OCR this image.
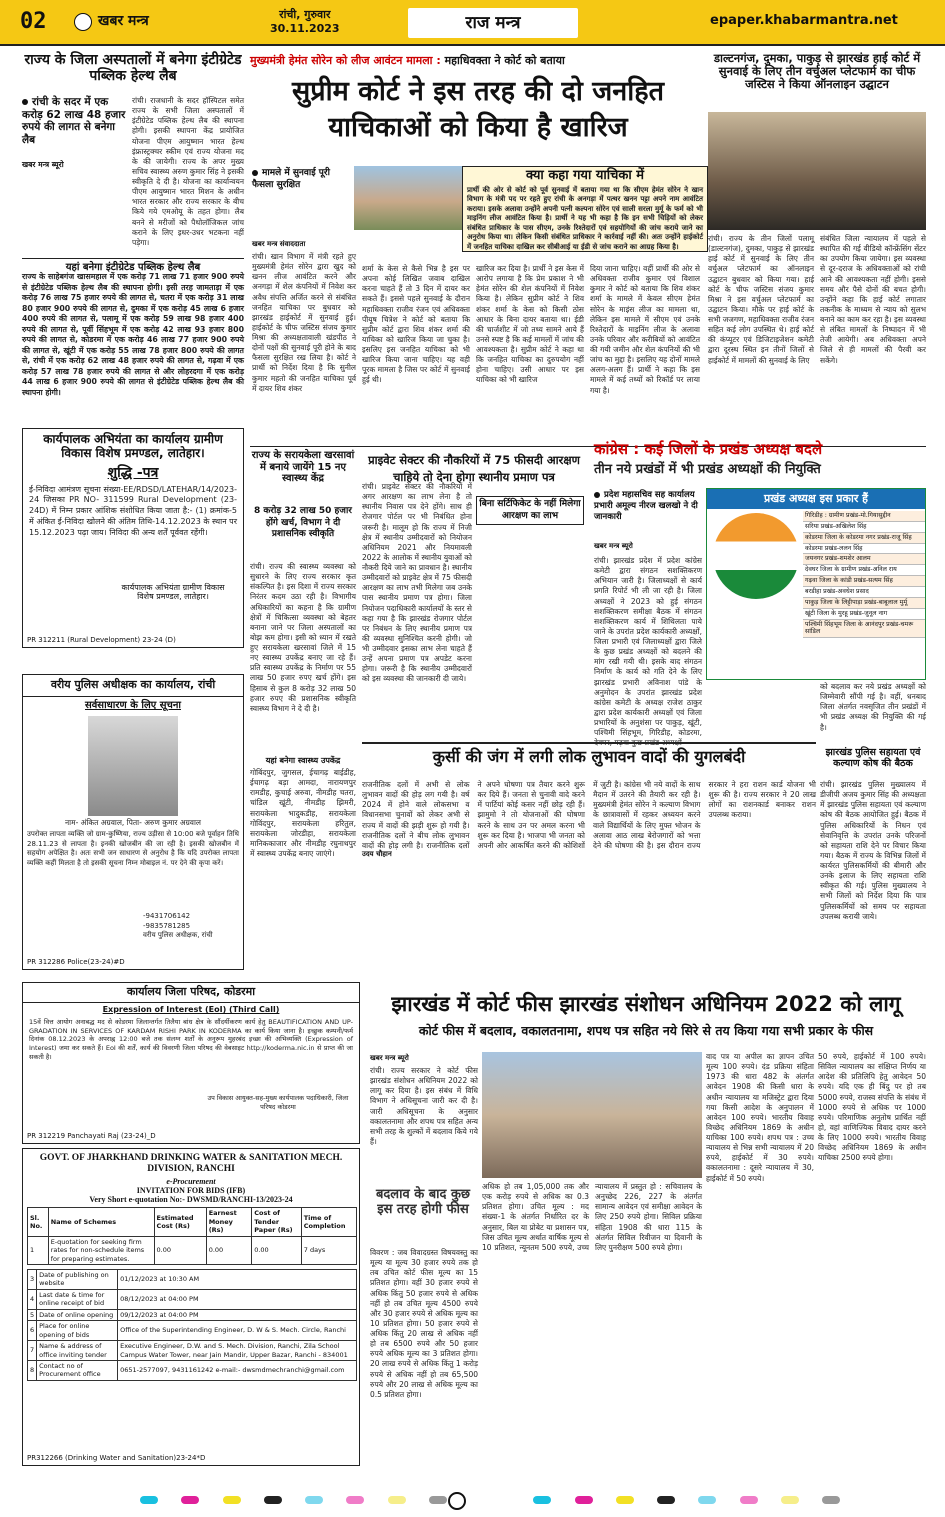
02	खबर मन्त्र	रांची, गुरुवार
30.11.2023	राज मन्त्र	epaper.khabarmantra.net
राज्य के जिला अस्पतालों में बनेगा इंटीग्रेटेड पब्लिक हेल्थ लैब
रांची के सदर में एक करोड़ 62 लाख 48 हजार रुपये की लागत से बनेगा लैब
खबर मन्त्र ब्यूरो
रांची। राजधानी के सदर हॉस्पिटल समेत राज्य के सभी जिला अस्पतालों में इंटीग्रेटेड पब्लिक हेल्थ लैब की स्थापना होगी। इसकी स्थापना केंद्र प्रायोजित योजना पीएम आयुष्मान भारत हेल्थ इंफ्रास्ट्रक्चर स्कीम एवं राज्य योजना मद के की जायेगी। राज्य के अपर मुख्य सचिव स्वास्थ्य अरुण कुमार सिंह ने इसकी स्वीकृति दे दी है। योजना का कार्यान्वयन पीएम आयुष्मान भारत मिशन के अधीन भारत सरकार और राज्य सरकार के बीच किये गये एमओयू के तहत होगा। लैब बनने से मरीजों को पैथोलॉजिकल जांच कराने के लिए इधर-उधर भटकना नहीं पड़ेगा।
यहां बनेगा इंटीग्रेटेड पब्लिक हेल्थ लैब
राज्य के साहेबगंज खासमहाल में एक करोड़ 71 लाख 71 हजार 900 रुपये से इंटीग्रेटेड पब्लिक हेल्थ लैब की स्थापना होगी। इसी तरह जामताड़ा में एक करोड़ 76 लाख 75 हजार रुपये की लागत से, चतरा में एक करोड़ 31 लाख 80 हजार 900 रुपये की लागत से, दुमका में एक करोड़ 45 लाख 6 हजार 400 रुपये की लागत से, पलामू में एक करोड़ 59 लाख 98 हजार 400 रुपये की लागत से, पूर्वी सिंहभूम में एक करोड़ 42 लाख 93 हजार 800 रुपये की लागत से, कोडरमा में एक करोड़ 46 लाख 77 हजार 900 रुपये की लागत से, खूंटी में एक करोड़ 55 लाख 78 हजार 800 रुपये की लागत से, रांची में एक करोड़ 62 लाख 48 हजार रुपये की लागत से, गढ़वा में एक करोड़ 57 लाख 78 हजार रुपये की लागत से और लोहरदगा में एक करोड़ 44 लाख 6 हजार 900 रुपये की लागत से इंटीग्रेटेड पब्लिक हेल्थ लैब की स्थापना होगी।
कार्यपालक अभियंता का कार्यालय ग्रामीण विकास विशेष प्रमण्डल, लातेहार।
शुद्धि -पत्र
ई-निविदा आमंत्रण सूचना संख्या-EE/RDSD/LATEHAR/14/2023-24 जिसका PR NO- 311599 Rural Development (23-24D) में निम्न प्रकार आंशिक संशोधित किया जाता है:- (1) क्रमांक-5 में अंकित ई-निविदा खोलने की अंतिम तिथि-14.12.2023 के स्थान पर 15.12.2023 पढ़ा जाय। निविदा की अन्य शर्तें पूर्ववत रहेंगी।
कार्यपालक अभियंता ग्रामीण विकास विशेष प्रमण्डल, लातेहार।
PR 312211 (Rural Development) 23-24 (D)
वरीय पुलिस अधीक्षक का कार्यालय, रांची
सर्वसाधारण के लिए सूचना
नाम- अंकित अग्रवाल, पिता- अरुण कुमार अग्रवाल
उपरोक्त लापता व्यक्ति जो ग्राम-कुष्णिया, राज्य उड़ीसा से 10:00 बजे पूर्वाहन तिथि 28.11.23 से लापता है। इनकी खोजबीन की जा रही है। इसकी खोजबीन में सहयोग अपेक्षित है। अतः सभी जन साधारण से अनुरोध है कि यदि उपरोक्त लापता व्यक्ति कहीं मिलता है तो इसकी सूचना निम्न मोबाइल नं. पर देने की कृपा करें।
-9431706142  -9835781285
वरीय पुलिस अधीक्षक, रांची
PR 312286 Police(23-24)#D
मुख्यमंत्री हेमंत सोरेन को लीज आवंटन मामला : महाधिवक्ता ने कोर्ट को बताया
सुप्रीम कोर्ट ने इस तरह की दो जनहित याचिकाओं को किया है खारिज
मामले में सुनवाई पूरी फैसला सुरक्षित
खबर मन्त्र संवाददाता
रांची। खान विभाग में मंत्री रहते हुए मुख्यमंत्री हेमंत सोरेन द्वारा खुद को खनन लीज आवंटित करने और अनगड़ा में शेल कंपनियों में निवेश कर अवैध संपत्ति अर्जित करने से संबंधित जनहित याचिका पर बुधवार को झारखंड हाईकोर्ट में सुनवाई हुई। हाईकोर्ट के चीफ जस्टिस संजय कुमार मिश्रा की अध्यक्षतावाली खंडपीठ ने दोनों पक्षों की सुनवाई पूरी होने के बाद फैसला सुरक्षित रख लिया है। कोर्ट ने प्रार्थी को निर्देश दिया है कि सुनील कुमार महतो की जनहित याचिका पूर्व में दायर शिव शंकर
क्या कहा गया याचिका में
प्रार्थी की ओर से कोर्ट को पूर्व सुनवाई में बताया गया था कि सीएम हेमंत सोरेन ने खान विभाग के मंत्री पद पर रहते हुए रांची के अनगड़ा में पत्थर खनन पट्टा अपने नाम आवंटित कराया। इसके अलावा उन्होंने अपनी पत्नी कल्पना सोरेन एवं साली सरला मुर्मू के फर्म को भी माइनिंग लीज आवंटित किया है। प्रार्थी ने यह भी कहा है कि इन सभी चिड़ियों को लेकर संबंधित प्राधिकार के पास सीएम, उनके रिश्तेदारों एवं सहयोगियों की जांच कराये जाने का अनुरोध किया था। लेकिन किसी संबंधित प्राधिकार ने कार्रवाई नहीं की। अतः उन्होंने हाईकोर्ट में जनहित याचिका दाखिल कर सीबीआई या ईडी से जांच कराने का आग्रह किया है।
शर्मा के केस से कैसे भिन्न है इस पर अपना कोई लिखित जवाब दाखिल करना चाहते हैं तो 3 दिन में दायर कर सकते हैं। इससे पहले सुनवाई के दौरान महाधिवक्ता राजीव रंजन एवं अधिवक्ता पीयूष चित्रेश ने कोर्ट को बताया कि सुप्रीम कोर्ट द्वारा शिव शंकर शर्मा की याचिका को खारिज किया जा चुका है। इसलिए इस जनहित याचिका को भी खारिज किया जाना चाहिए। यह वही पूरक मामला है जिस पर कोर्ट में सुनवाई हुई थी।
खारिज कर दिया है। प्रार्थी ने इस केस में आरोप लगाया है कि प्रेम प्रकाश ने भी हेमंत सोरेन की शेल कंपनियों में निवेश किया है। लेकिन सुप्रीम कोर्ट ने शिव शंकर शर्मा के केस को किसी ठोस आधार के बिना दायर बताया था। ईडी की चार्जशीट में जो तथ्य सामने आये हैं उनसे स्पष्ट है कि कई मामलों में जांच की आवश्यकता है। सुप्रीम कोर्ट ने कहा था कि जनहित याचिका का दुरुपयोग नहीं होना चाहिए। उसी आधार पर इस याचिका को भी खारिज
दिया जाना चाहिए। वहीं प्रार्थी की ओर से अधिवक्ता राजीव कुमार एवं विशाल कुमार ने कोर्ट को बताया कि शिव शंकर शर्मा के मामले में केवल सीएम हेमंत सोरेन के माइंस लीज का मामला था, लेकिन इस मामले में सीएम एवं उनके रिश्तेदारों के माइनिंग लीज के अलावा उनके परिवार और करीबियों को आवंटित की गयी जमीन और शेल कंपनियों की भी जांच का मुद्दा है। इसलिए यह दोनों मामले अलग-अलग हैं। प्रार्थी ने कहा कि इस मामले में कई तथ्यों को रिकॉर्ड पर लाया गया है।
डाल्टनगंज, दुमका, पाकुड़ से झारखंड हाई कोर्ट में सुनवाई के लिए तीन वर्चुअल प्लेटफार्म का चीफ जस्टिस ने किया ऑनलाइन उद्घाटन
रांची। राज्य के तीन जिलों पलामू (डाल्टनगंज), दुमका, पाकुड़ से झारखंड हाई कोर्ट में सुनवाई के लिए तीन वर्चुअल प्लेटफार्म का ऑनलाइन उद्घाटन बुधवार को किया गया। हाई कोर्ट के चीफ जस्टिस संजय कुमार मिश्रा ने इस वर्चुअल प्लेटफार्म का उद्घाटन किया। मौके पर हाई कोर्ट के सभी जजगण, महाधिवक्ता राजीव रंजन सहित कई लोग उपस्थित थे। हाई कोर्ट की कंप्यूटर एवं डिजिटाइजेशन कमेटी द्वारा दूरस्थ स्थित इन तीनों जिलों से हाईकोर्ट में मामलों की सुनवाई के लिए
संबंधित जिला न्यायालय में पहले से स्थापित की गई वीडियो कॉन्फ्रेंसिंग सेंटर का उपयोग किया जायेगा। इस व्यवस्था से दूर-दराज के अधिवक्ताओं को रांची आने की आवश्यकता नहीं होगी। इससे समय और पैसे दोनों की बचत होगी। उन्होंने कहा कि हाई कोर्ट लगातार तकनीक के माध्यम से न्याय को सुलभ बनाने का काम कर रहा है। इस व्यवस्था से लंबित मामलों के निष्पादन में भी तेजी आयेगी। अब अधिवक्ता अपने जिले से ही मामलों की पैरवी कर सकेंगे।
राज्य के सरायकेला खरसावां में बनाये जायेंगे 15 नए स्वास्थ्य केंद्र
8 करोड़ 32 लाख 50 हजार होंगे खर्च, विभाग ने दी प्रशासनिक स्वीकृति
रांची। राज्य की स्वास्थ्य व्यवस्था को सुधारने के लिए राज्य सरकार कृत संकल्पित है। इस दिशा में राज्य सरकार निरंतर कदम उठा रही है। विभागीय अधिकारियों का कहना है कि ग्रामीण क्षेत्रों में चिकित्सा व्यवस्था को बेहतर बनाना जाने पर जिला अस्पतालों का बोझ कम होगा। इसी को ध्यान में रखते हुए सरायकेला खरसावां जिले में 15 नए स्वास्थ्य उपकेंद्र बनाए जा रहे हैं। प्रति स्वास्थ्य उपकेंद्र के निर्माण पर 55 लाख 50 हजार रुपए खर्च होंगे। इस हिसाब से कुल 8 करोड़ 32 लाख 50 हजार रुपए की प्रशासनिक स्वीकृति स्वास्थ्य विभाग ने दे दी है।
यहां बनेगा स्वास्थ्य उपकेंद्र
गोबिंदपुर, जुगसल, ईचागढ़ बाईडीह, ईचागढ़ बड़ा आमदा, नारायणपुर रामडीह, कुचाई अरुवा, नीमडीह चतरा, चांडिल खूंटी, नीमडीह झिमरी, सरायकेला भादुकडीह, सरायकेला गोविंदपुर, सरायकेला हरितुल, सरायकेला जोरडीहा, सरायकेला मानिककाजार और नीमडीह रघुनाथपुर में स्वास्थ्य उपकेंद्र बनाए जाएंगे।
प्राइवेट सेक्टर की नौकरियों में 75 फीसदी आरक्षण चाहिये तो देना होगा स्थानीय प्रमाण पत्र
बिना सर्टिफिकेट के नहीं मिलेगा आरक्षण का लाभ
रांची। प्राइवेट सेक्टर की नौकरियों में अगर आरक्षण का लाभ लेना है तो स्थानीय निवास पत्र देने होंगे। साथ ही रोजगार पोर्टल पर भी निबंधित होना जरूरी है। मालूम हो कि राज्य में निजी क्षेत्र में स्थानीय उम्मीदवारों को नियोजन अधिनियम 2021 और नियमावली 2022 के आलोक में स्थानीय युवाओं को नौकरी दिये जाने का प्रावधान है। स्थानीय उम्मीदवारों को प्राइवेट क्षेत्र में 75 फीसदी आरक्षण का लाभ तभी मिलेगा जब उनके पास स्थानीय प्रमाण पत्र होगा। जिला नियोजन पदाधिकारी कार्यालयों के स्तर से कहा गया है कि झारखंड रोजगार पोर्टल पर निबंधन के लिए स्थानीय प्रमाण पत्र की व्यवस्था सुनिश्चित करनी होगी। जो भी उम्मीदवार इसका लाभ लेना चाहते हैं उन्हें अपना प्रमाण पत्र अपडेट करना होगा। जरूरी है कि स्थानीय उम्मीदवारों को इस व्यवस्था की जानकारी दी जाये।
कांग्रेस : कई जिलों के प्रखंड अध्यक्ष बदले
तीन नये प्रखंडों में भी प्रखंड अध्यक्षों की नियुक्ति
प्रदेश महासचिव सह कार्यालय प्रभारी अमूल्य नीरज खलखो ने दी जानकारी
खबर मन्त्र ब्यूरो
रांची। झारखंड प्रदेश में प्रदेश कांग्रेस कमेटी द्वारा संगठन सशक्तिकरण अभियान जारी है। जिलाध्यक्षों से कार्य प्रगति रिपोर्ट भी ली जा रही है। जिला अध्यक्षों ने 2023 को हुई संगठन सशक्तिकरण समीक्षा बैठक में संगठन सशक्तिकरण कार्य में शिथिलता पाये जाने के उपरांत प्रदेश कार्यकारी अध्यक्षों, जिला प्रभारी एवं जिलाध्यक्षों द्वारा जिले के कुछ प्रखंड अध्यक्षों को बदलने की मांग रखी गयी थी। इसके बाद संगठन निर्माण के कार्य को गति देने के लिए झारखंड प्रभारी अविनाश पांडे के अनुमोदन के उपरांत झारखंड प्रदेश कांग्रेस कमेटी के अध्यक्ष राजेश ठाकुर द्वारा प्रदेश कार्यकारी अध्यक्षों एवं जिला प्रभारियों के अनुशंसा पर पाकुड़, खूंटी, पश्चिमी सिंहभूम, गिरिडीह, कोडरमा, देवघर, गढ़वा कुछ प्रखंड अध्यक्षों
प्रखंड अध्यक्ष इस प्रकार हैं
गिरिडीह : ग्रामीण प्रखंड-मो.गियासुद्दीन
सरिया प्रखंड-अखिलेश सिंह
कोडरमा जिला के कोडरमा नगर प्रखंड-राजू सिंह
कोडरमा प्रखंड-ललन सिंह
जयनगर प्रखंड-शमशेर आलम
देवघर जिला के ग्रामीण प्रखंड-अनिल राय
गढ़वा जिला के कांडी प्रखंड-सत्यम सिंह
बरडीहा प्रखंड-अवधेश प्रसाद
पाकुड़ जिला के लिट्टीपाड़ा प्रखंड-बाबूलाल मुर्मू
खूंटी जिला के मुरहू प्रखंड-जुनूल नाग
पश्चिमी सिंहभूम जिला के आनंदपुर प्रखंड-चमरू सांडिल
को बदलाव कर नये प्रखंड अध्यक्षों को जिम्मेवारी सौंपी गई है। वहीं, धनबाद जिला अंतर्गत नवसृजित तीन प्रखंडों में भी प्रखंड अध्यक्ष की नियुक्ति की गई है।
झारखंड पुलिस सहायता एवं कल्याण कोष की बैठक
रांची। झारखंड पुलिस मुख्यालय में डीजीपी अजय कुमार सिंह की अध्यक्षता में झारखंड पुलिस सहायता एवं कल्याण कोष की बैठक आयोजित हुई। बैठक में पुलिस अधिकारियों के निधन एवं सेवानिवृत्ति के उपरांत उनके परिजनों को सहायता राशि देने पर विचार किया गया। बैठक में राज्य के विभिन्न जिलों में कार्यरत पुलिसकर्मियों की बीमारी और उनके इलाज के लिए सहायता राशि स्वीकृत की गई। पुलिस मुख्यालय ने सभी जिलों को निर्देश दिया कि पात्र पुलिसकर्मियों को समय पर सहायता उपलब्ध करायी जाये।
कुर्सी की जंग में लगी लोक लुभावन वादों की युगलबंदी
उदय चौहान
राजनीतिक दलों में अभी से लोक लुभावन वादों की होड़ लग गयी है। वर्ष 2024 में होने वाले लोकसभा व विधानसभा चुनावों को लेकर अभी से राज्य में वादों की झड़ी शुरू हो गयी है। राजनीतिक दलों ने बीच लोक लुभावन वादों की होड़ लगी है। राजनीतिक दलों ने अपने घोषणा पत्र तैयार करने शुरू कर दिये हैं। जनता से चुनावी वादे करने में पार्टियां कोई कसर नहीं छोड़ रही हैं। झामुमो ने तो योजनाओं की घोषणा करने के साथ उन पर अमल करना भी शुरू कर दिया है। भाजपा भी जनता को अपनी ओर आकर्षित करने की कोशिशों में जुटी है। कांग्रेस भी नये वादों के साथ मैदान में उतरने की तैयारी कर रही है। मुख्यमंत्री हेमंत सोरेन ने कल्याण विभाग के छात्रावासों में रहकर अध्ययन करने वाले विद्यार्थियों के लिए मुफ्त भोजन के अलावा आठ लाख बेरोजगारों को भत्ता देने की घोषणा की है। इस दौरान राज्य सरकार ने हरा राशन कार्ड योजना भी शुरू की है। राज्य सरकार ने 20 लाख लोगों का राशनकार्ड बनाकर राशन उपलब्ध कराया।
कार्यालय जिला परिषद, कोडरमा
Expression of Interest (EoI) (Third Call)
15वें वित्त आयोग अनाबद्ध मद से कोडरमा जिलान्तर्गत तिलैया बांध क्षेत्र के सौंदर्यीकरण कार्य हेतु BEAUTIFICATION AND UP-GRADATION IN SERVICES OF KARDAM RISHI PARK IN KODERMA का कार्य किया जाना है। इच्छुक कम्पनी/फर्म दिनांक 08.12.2023 के अपराह्न 12:00 बजे तक संलग्न शर्तों के अनुरूप मुहरबंद इच्छा की अभिव्यक्ति (Expression of Interest) जमा कर सकते हैं। EoI की शर्तें, कार्य की विवरणी जिला परिषद की वेबसाइट http://koderma.nic.in से प्राप्त की जा सकती है।
उप विकास आयुक्त-सह-मुख्य कार्यपालक पदाधिकारी, जिला परिषद कोडरमा
PR 312219 Panchayati Raj (23-24)_D
GOVT. OF JHARKHAND DRINKING WATER & SANITATION MECH. DIVISION, RANCHI
e-Procurement
INVITATION FOR BIDS (IFB)
Very Short e-quotation No:- DWSMD/RANCHI-13/2023-24
Sl. No.	Name of Schemes	Estimated Cost (Rs)	Earnest Money (Rs)	Cost of Tender Paper (Rs)	Time of Completion
1	E-quotation for seeking firm rates for non-schedule items for preparing estimates.	0.00	0.00	0.00	7 days
3	Date of publishing on website	01/12/2023 at 10:30 AM
4	Last date & time for online receipt of bid	08/12/2023 at 04:00 PM
5	Date of online opening	09/12/2023 at 04:00 PM
6	Place for online opening of bids	Office of the Superintending Engineer, D. W & S. Mech. Circle, Ranchi
7	Name & address of office inviting tender	Executive Engineer, D.W. and S. Mech. Division, Ranchi, Zila School Campus Water Tower, near Jain Mandir, Upper Bazar, Ranchi - 834001
8	Contact no of Procurement office	0651-2577097, 9431161242 e-mail:- dwsmdmechranchi@gmail.com
PR312266 (Drinking Water and Sanitation)23-24*D
झारखंड में कोर्ट फीस झारखंड संशोधन अधिनियम 2022 को लागू
कोर्ट फीस में बदलाव, वकालतनामा, शपथ पत्र सहित नये सिरे से तय किया गया सभी प्रकार के फीस
खबर मन्त्र ब्यूरो
रांची। राज्य सरकार ने कोर्ट फीस झारखंड संशोधन अधिनियम 2022 को लागू कर दिया है। इस संबंध में विधि विभाग ने अधिसूचना जारी कर दी है। जारी अधिसूचना के अनुसार वकालतनामा और शपथ पत्र सहित अन्य सभी तरह के शुल्कों में बदलाव किये गये हैं।
बदलाव के बाद कुछ इस तरह होगी फीस
विवरण : जब विवादग्रस्त विषयवस्तु का मूल्य या मूल्य 30 हजार रुपये तक हो तब उचित कोर्ट फीस मूल्य का 15 प्रतिशत होगा। वहीं 30 हजार रुपये से अधिक किंतु 50 हजार रुपये से अधिक नहीं हो तब उचित मूल्य 4500 रुपये और 30 हजार रुपये से अधिक मूल्य का 10 प्रतिशत होगा। 50 हजार रुपये से अधिक किंतु 20 लाख से अधिक नहीं हो तब 6500 रुपये और 50 हजार रुपये अधिक मूल्य का 3 प्रतिशत होगा। 20 लाख रुपये से अधिक किंतु 1 करोड़ रुपये से अधिक नहीं हो तब 65,500 रुपये और 20 लाख से अधिक मूल्य का 0.5 प्रतिशत होगा।
अधिक हो तब 1,05,000 तक और एक करोड़ रुपये से अधिक का 0.3 प्रतिशत होगा। उचित मूल्य : मद संख्या-1 के अंतर्गत निर्धारित दर के अनुसार, बिल या प्रोबेट या प्रशासन पत्र, जिस उचित मूल्य अर्थात वार्षिक मूल्य से 10 प्रतिशत, न्यूनतम 500 रुपये, उच्च न्यायालय में प्रस्तुत हो : सचिवालय के अनुच्छेद 226, 227 के अंतर्गत सामान्य आवेदन एवं समीक्षा आवेदन के लिए 250 रुपये होगा। सिविल प्रक्रिया संहिता 1908 की धारा 115 के अंतर्गत सिविल रिवीजन या दिवानी के लिए पुनरीक्षण 500 रुपये होगा।
वाद पत्र या अपील का ज्ञापन उचित मूल्य 100 रुपये। दंड प्रक्रिया संहिता 1973 की धारा 482 के अंतर्गत आवेदन 1908 की किसी धारा के अधीन न्यायालय या मजिस्ट्रेट द्वारा दिया गया किसी आदेश के अनुपालन में आवेदन 100 रुपये। भारतीय विवाह विच्छेद अधिनियम 1869 के अधीन याचिका 100 रुपये। शपथ पत्र : उच्च न्यायालय से भिन्न सभी न्यायालय में 20 रुपये, हाईकोर्ट में 30 रुपये। वकालतनामा : दूसरे न्यायालय में 30, हाईकोर्ट में 50 रुपये।
50 रुपये, हाईकोर्ट में 100 रुपये। सिविल न्यायालय का संक्षिप्त निर्णय या आदेश की प्रतिलिपि हेतु आवेदन 50 रुपये। यदि एक ही बिंदु पर हो तब 5000 रुपये, राजस्व संपत्ति के संबंध में 1000 रुपये से अधिक पर 1000 रुपये। परिमाणिक अनुतोष प्रार्थित नहीं हो, वहां वाणिज्यिक विवाद दायर करने के लिए 1000 रुपये। भारतीय विवाह विच्छेद अधिनियम 1869 के अधीन याचिका 2500 रुपये होगा।
